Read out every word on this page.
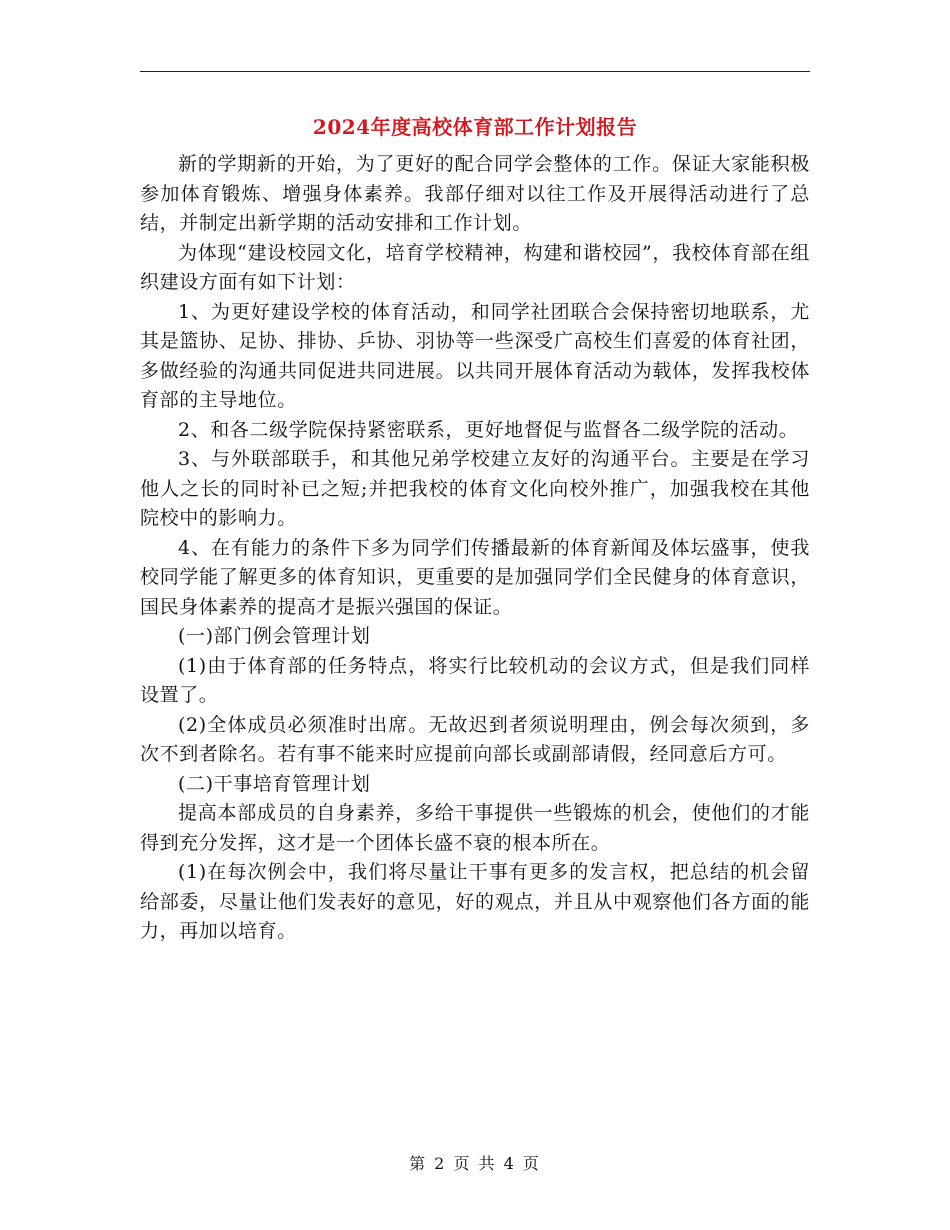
2024年度高校体育部工作计划报告

新的学期新的开始，为了更好的配合同学会整体的工作。保证大家能积极参加体育锻炼、增强身体素养。我部仔细对以往工作及开展得活动进行了总结，并制定出新学期的活动安排和工作计划。

为体现“建设校园文化，培育学校精神，构建和谐校园”，我校体育部在组织建设方面有如下计划：

1、为更好建设学校的体育活动，和同学社团联合会保持密切地联系，尤其是篮协、足协、排协、乒协、羽协等一些深受广高校生们喜爱的体育社团，多做经验的沟通共同促进共同进展。以共同开展体育活动为载体，发挥我校体育部的主导地位。

2、和各二级学院保持紧密联系，更好地督促与监督各二级学院的活动。

3、与外联部联手，和其他兄弟学校建立友好的沟通平台。主要是在学习他人之长的同时补已之短;并把我校的体育文化向校外推广，加强我校在其他院校中的影响力。

4、在有能力的条件下多为同学们传播最新的体育新闻及体坛盛事，使我校同学能了解更多的体育知识，更重要的是加强同学们全民健身的体育意识，国民身体素养的提高才是振兴强国的保证。

(一)部门例会管理计划

(1)由于体育部的任务特点，将实行比较机动的会议方式，但是我们同样设置了。

(2)全体成员必须准时出席。无故迟到者须说明理由，例会每次须到，多次不到者除名。若有事不能来时应提前向部长或副部请假，经同意后方可。

(二)干事培育管理计划

提高本部成员的自身素养，多给干事提供一些锻炼的机会，使他们的才能得到充分发挥，这才是一个团体长盛不衰的根本所在。

(1)在每次例会中，我们将尽量让干事有更多的发言权，把总结的机会留给部委，尽量让他们发表好的意见，好的观点，并且从中观察他们各方面的能力，再加以培育。

第 2 页 共 4 页
